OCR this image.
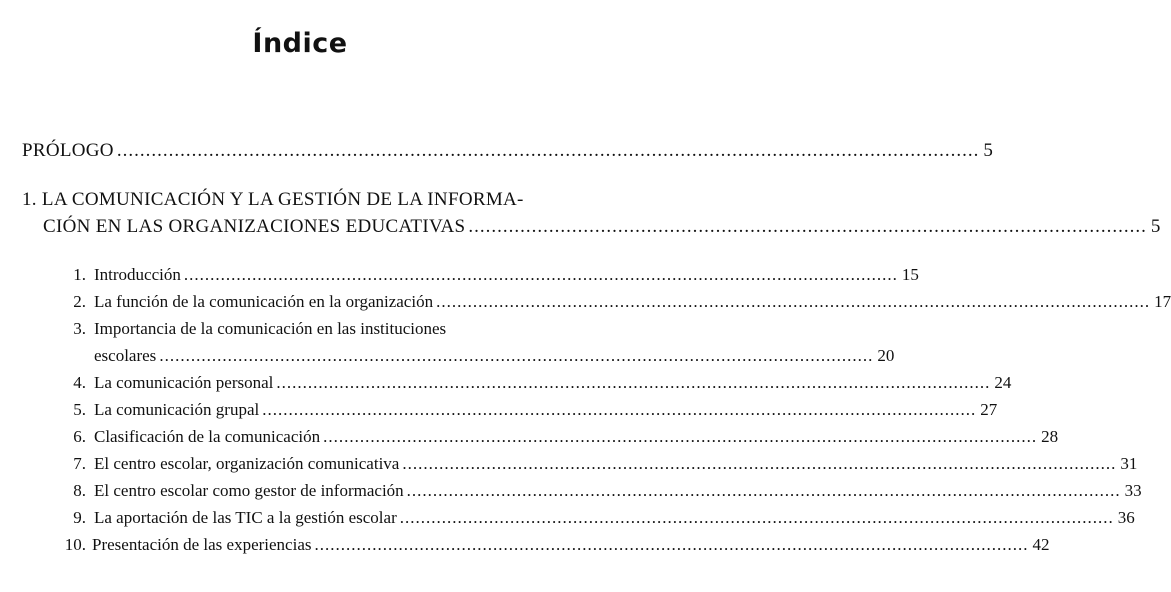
Índice
PRÓLOGO ...................................................................................................................................................... 5
1. LA COMUNICACIÓN Y LA GESTIÓN DE LA INFORMA-
CIÓN EN LAS ORGANIZACIONES EDUCATIVAS ...................................................................................................................... 5
1. Introducción ........................................................................................................................................ 15
2. La función de la comunicación en la organización ........................................................................................................................................ 17
3. Importancia de la comunicación en las instituciones
escolares ........................................................................................................................................ 20
4. La comunicación personal ........................................................................................................................................ 24
5. La comunicación grupal ........................................................................................................................................ 27
6. Clasificación de la comunicación ........................................................................................................................................ 28
7. El centro escolar, organización comunicativa ........................................................................................................................................ 31
8. El centro escolar como gestor de información ........................................................................................................................................ 33
9. La aportación de las TIC a la gestión escolar ........................................................................................................................................ 36
10. Presentación de las experiencias ........................................................................................................................................ 42
